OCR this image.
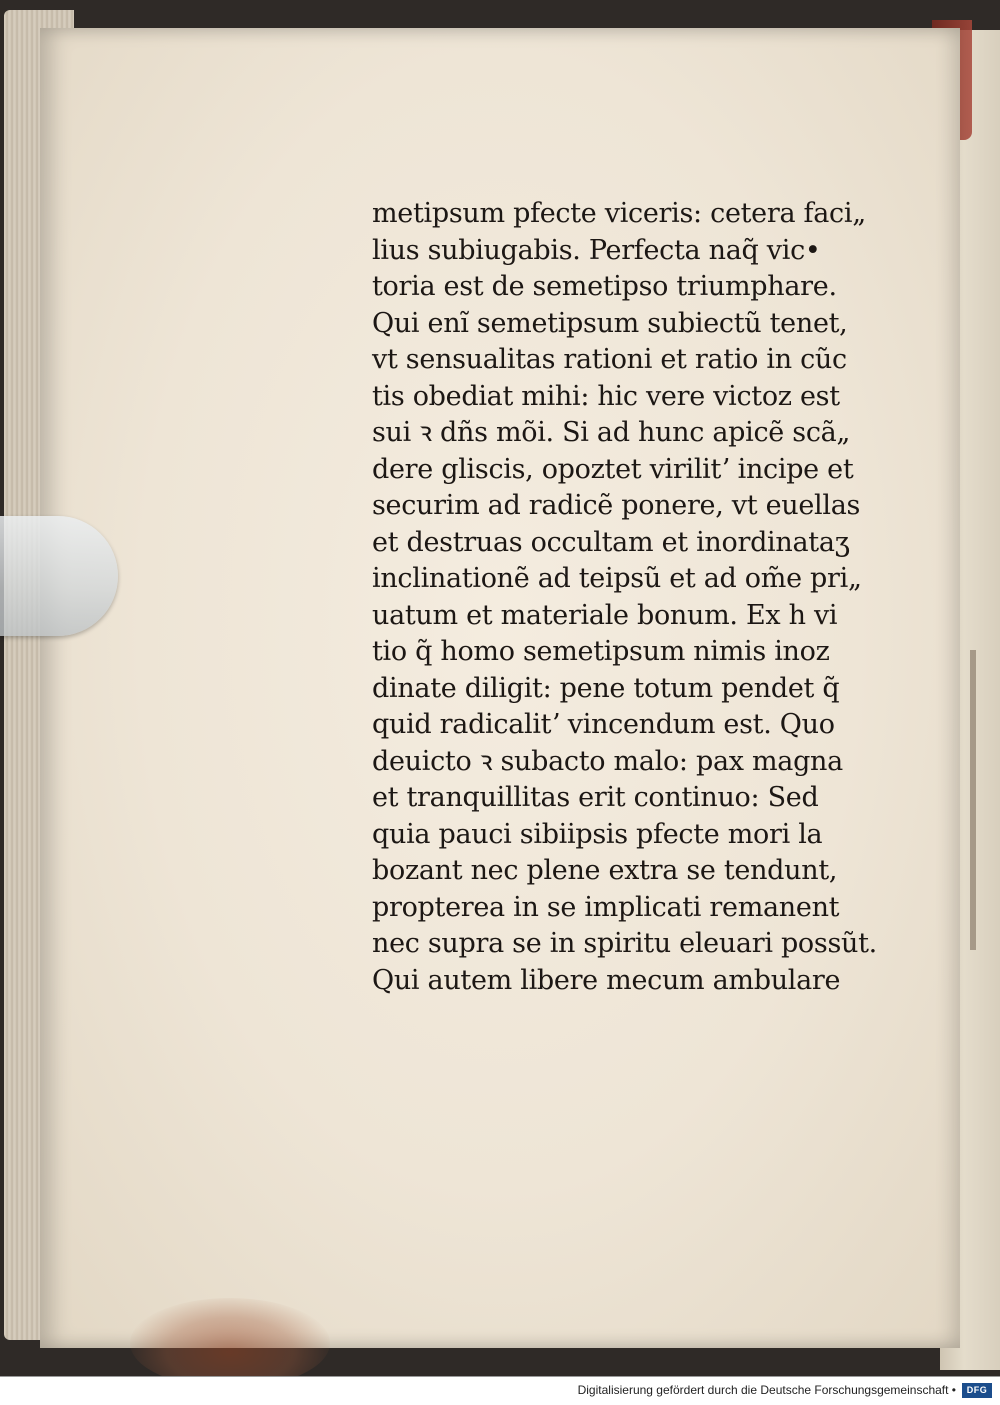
metipsum pfecte viceris: cetera faci„
lius subiugabis. Perfecta naq̃ vic•
toria est de semetipso triumphare.
Qui enĩ semetipsum subiectũ tenet,
vt sensualitas rationi et ratio in cũc
tis obediat mihi: hic vere victoz est
sui ꝛ dñs mõi. Si ad hunc apicẽ scã„
dere gliscis, opoztet virilitʼ incipe et
securim ad radicẽ ponere, vt euellas
et destruas occultam et inordinataʒ
inclinationẽ ad teipsũ et ad om̃e pri„
uatum et materiale bonum. Ex h vi
tio q̃ homo semetipsum nimis inoz
dinate diligit: pene totum pendet q̃
quid radicalitʼ vincendum est. Quo
deuicto ꝛ subacto malo: pax magna
et tranquillitas erit continuo: Sed
quia pauci sibiipsis pfecte mori la
bozant nec plene extra se tendunt,
propterea in se implicati remanent
nec supra se in spiritu eleuari possũt.
Qui autem libere mecum ambulare
Digitalisierung gefördert durch die Deutsche Forschungsgemeinschaft •	DFG
